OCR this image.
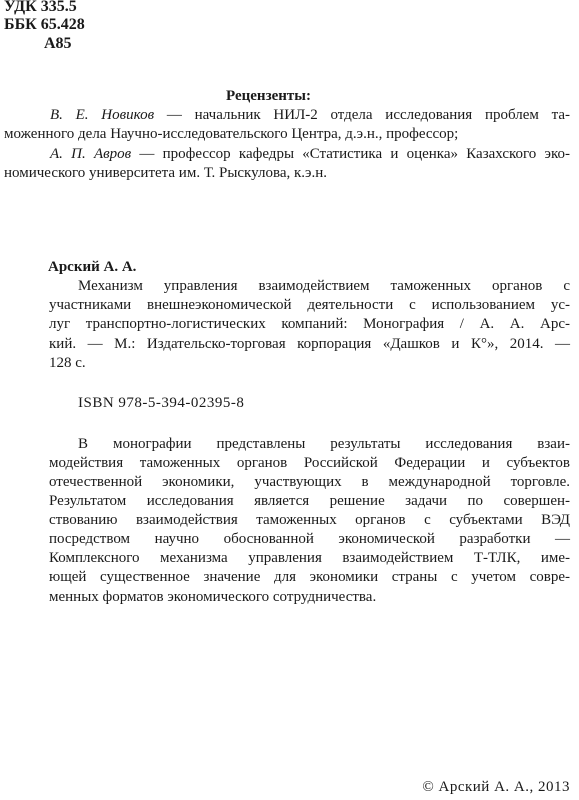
УДК 335.5
ББК 65.428
А85
Рецензенты:
В. Е. Новиков — начальник НИЛ-2 отдела исследования проблем та-
моженного дела Научно-исследовательского Центра, д.э.н., профессор;
А. П. Авров — профессор кафедры «Статистика и оценка» Казахского эко-
номического университета им. Т. Рыскулова, к.э.н.
Арский А. А.
Механизм управления взаимодействием таможенных органов с
участниками внешнеэкономической деятельности с использованием ус-
луг транспортно-логистических компаний: Монография / А. А. Арс-
кий. — М.: Издательско-торговая корпорация «Дашков и К°», 2014. —
128 с.
ISBN 978-5-394-02395-8
В монографии представлены результаты исследования взаи-
модействия таможенных органов Российской Федерации и субъектов
отечественной экономики, участвующих в международной торговле.
Результатом исследования является решение задачи по совершен-
ствованию взаимодействия таможенных органов с субъектами ВЭД
посредством научно обоснованной экономической разработки —
Комплексного механизма управления взаимодействием Т-ТЛК, име-
ющей существенное значение для экономики страны с учетом совре-
менных форматов экономического сотрудничества.
© Арский А. А., 2013
